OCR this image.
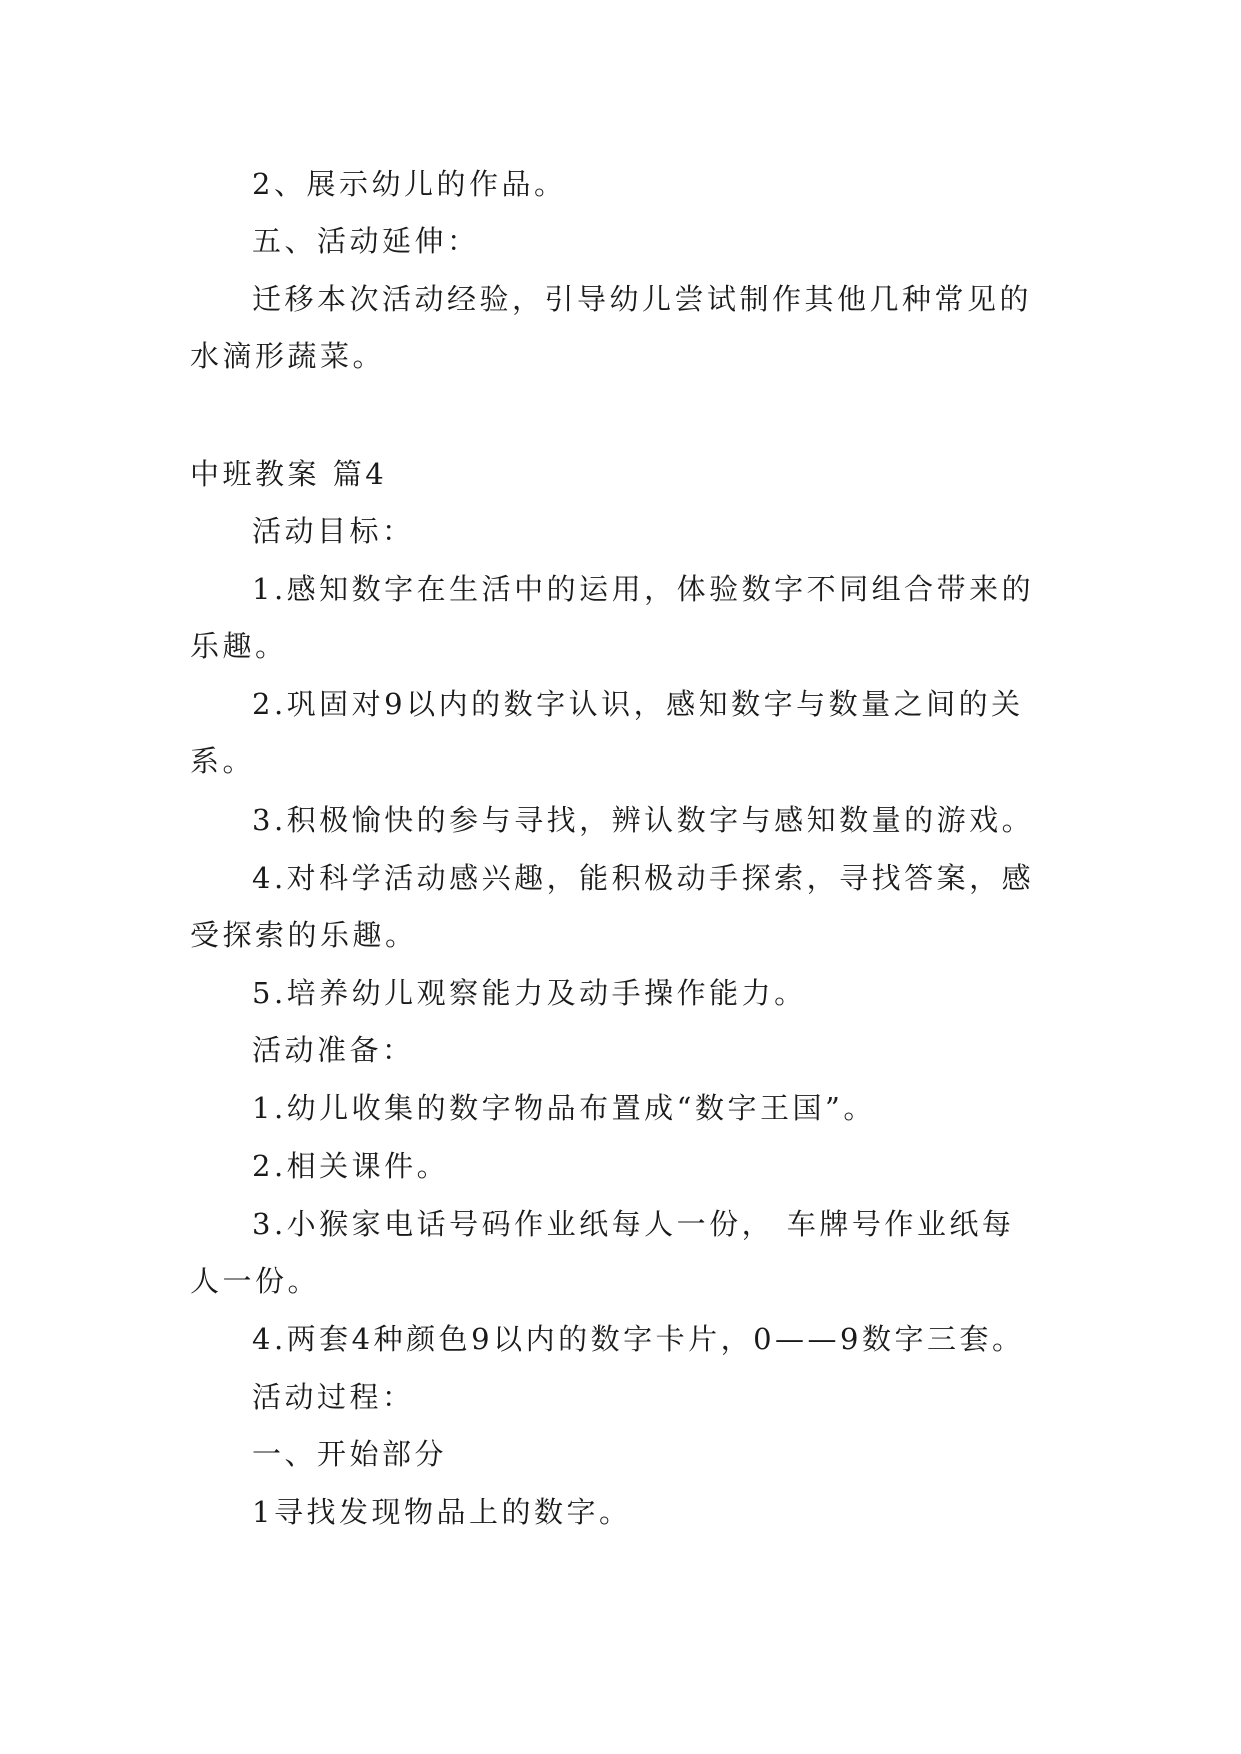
2、展示幼儿的作品。
五、活动延伸：
迁移本次活动经验，引导幼儿尝试制作其他几种常见的
水滴形蔬菜。
中班教案 篇4
活动目标：
1.感知数字在生活中的运用，体验数字不同组合带来的
乐趣。
2.巩固对9以内的数字认识，感知数字与数量之间的关
系。
3.积极愉快的参与寻找，辨认数字与感知数量的游戏。
4.对科学活动感兴趣，能积极动手探索，寻找答案，感
受探索的乐趣。
5.培养幼儿观察能力及动手操作能力。
活动准备：
1.幼儿收集的数字物品布置成“数字王国”。
2.相关课件。
3.小猴家电话号码作业纸每人一份， 车牌号作业纸每
人一份。
4.两套4种颜色9以内的数字卡片，0——9数字三套。
活动过程：
一、开始部分
1寻找发现物品上的数字。
